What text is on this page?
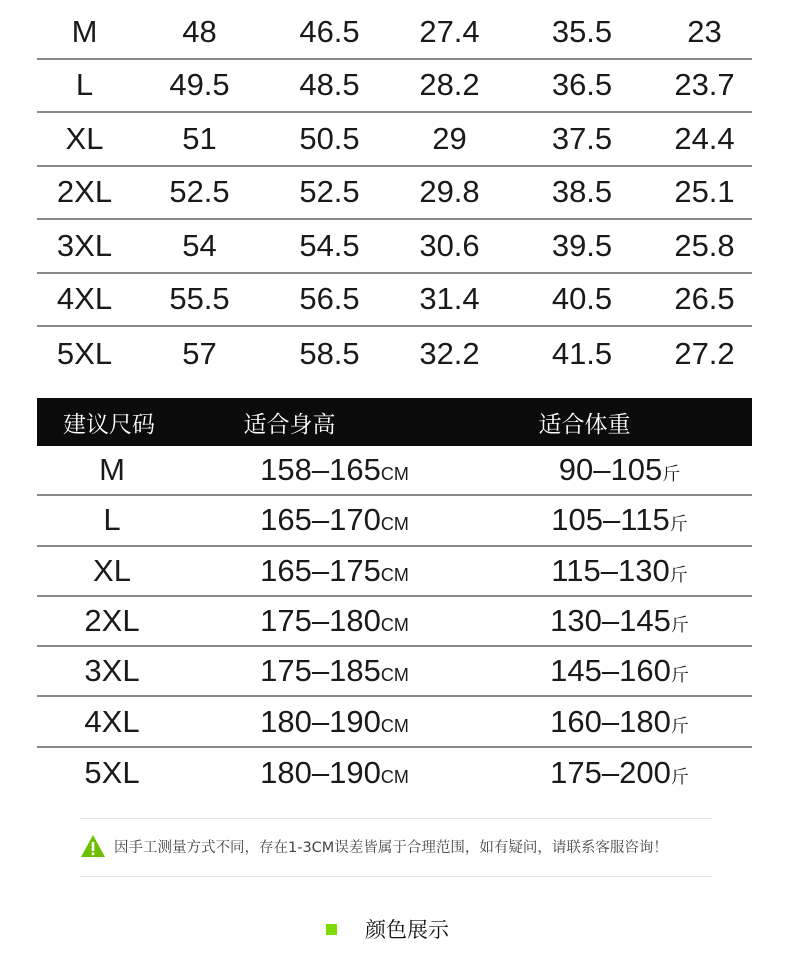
M	48	46.5	27.4	35.5	23
L	49.5	48.5	28.2	36.5	23.7
XL	51	50.5	29	37.5	24.4
2XL	52.5	52.5	29.8	38.5	25.1
3XL	54	54.5	30.6	39.5	25.8
4XL	55.5	56.5	31.4	40.5	26.5
5XL	57	58.5	32.2	41.5	27.2
建议尺码	适合身高	适合体重
M	158–165CM	90–105斤
L	165–170CM	105–115斤
XL	165–175CM	115–130斤
2XL	175–180CM	130–145斤
3XL	175–185CM	145–160斤
4XL	180–190CM	160–180斤
5XL	180–190CM	175–200斤
因手工测量方式不同，存在1-3CM误差皆属于合理范围，如有疑问，请联系客服咨询！
颜色展示
